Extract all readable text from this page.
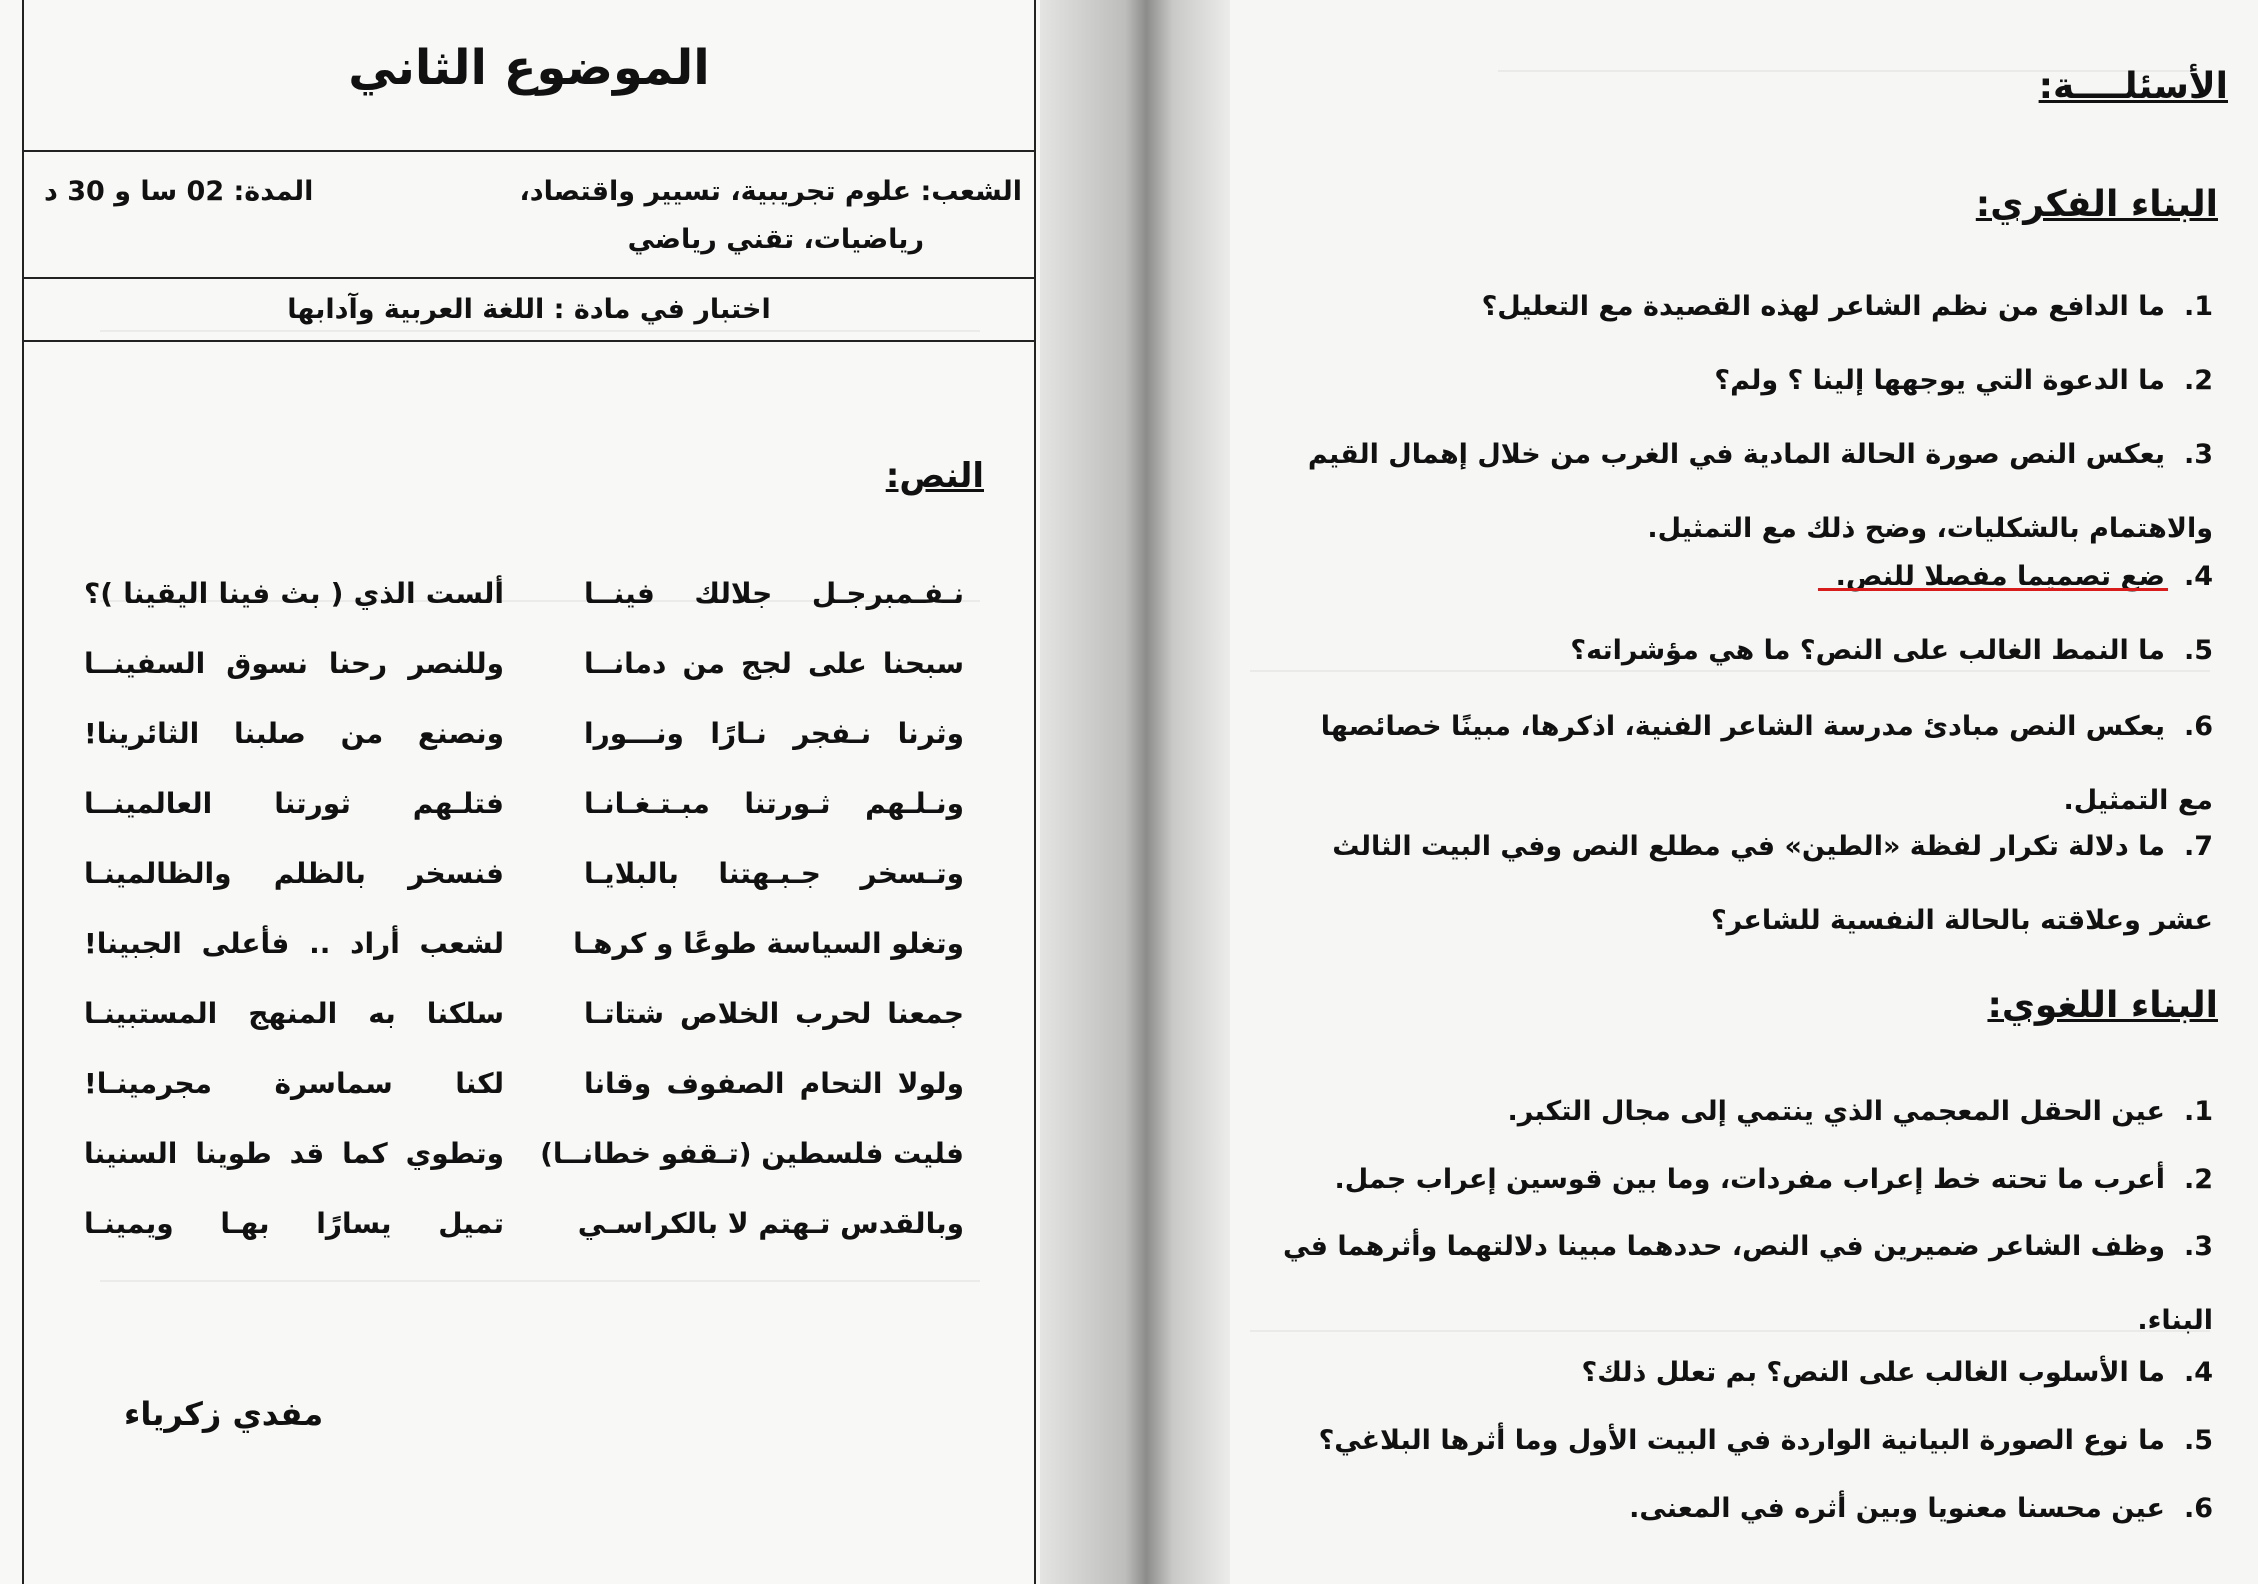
الموضوع الثاني
الشعب: علوم تجريبية، تسيير واقتصاد،
رياضيات، تقني رياضي
المدة: 02 سا و 30 د
اختبار في مادة : اللغة العربية وآدابها
النص:
نـفـمبرجـل جلالك فينــا
ألست الذي ( بث فينا اليقينا )؟
سبحنا على لجج من دمانــا
وللنصر رحنا نسوق السفينــا
وثرنا نـفجر نـارًا ونـــورا
ونصنع من صلبنا الثائرينا!
ونـلـهم ثـورتنا مبـتـغـانـا
فتلـهم ثورتنا العالمينــا
وتـسخر جـبـهتنا بالبلايـا
فنسخر بالظلم والظالمينـا
وتغلو السياسة طوعًا و كرهـا
لشعب أراد .. فأعلى الجبينا!
جمعنا لحرب الخلاص شتاتـا
سلكنا به المنهج المستبينـا
ولولا التحام الصفوف وقانا
لكنا سماسرة مجرمينـا!
فليت فلسطين (تـقفو خطانــا)
وتطوي كما قد طوينا السنينا
وبالقدس تـهتم لا بالكراسـي
تميل يسارًا بهـا ويمينـا
مفدي زكرياء
الأسئلــــة:
البناء الفكري:
1.ما الدافع من نظم الشاعر لهذه القصيدة مع التعليل؟
2.ما الدعوة التي يوجهها إلينا ؟ ولم؟
3.يعكس النص صورة الحالة المادية في الغرب من خلال إهمال القيم والاهتمام بالشكليات، وضح ذلك مع التمثيل.
4.ضع تصميما مفصلا للنص.
5.ما النمط الغالب على النص؟ ما هي مؤشراته؟
6.يعكس النص مبادئ مدرسة الشاعر الفنية، اذكرها، مبينًا خصائصها مع التمثيل.
7.ما دلالة تكرار لفظة «الطين» في مطلع النص وفي البيت الثالث عشر وعلاقته بالحالة النفسية للشاعر؟
البناء اللغوي:
1.عين الحقل المعجمي الذي ينتمي إلى مجال التكبر.
2.أعرب ما تحته خط إعراب مفردات، وما بين قوسين إعراب جمل.
3.وظف الشاعر ضميرين في النص، حددهما مبينا دلالتهما وأثرهما في البناء.
4.ما الأسلوب الغالب على النص؟ بم تعلل ذلك؟
5.ما نوع الصورة البيانية الواردة في البيت الأول وما أثرها البلاغي؟
6.عين محسنا معنويا وبين أثره في المعنى.
